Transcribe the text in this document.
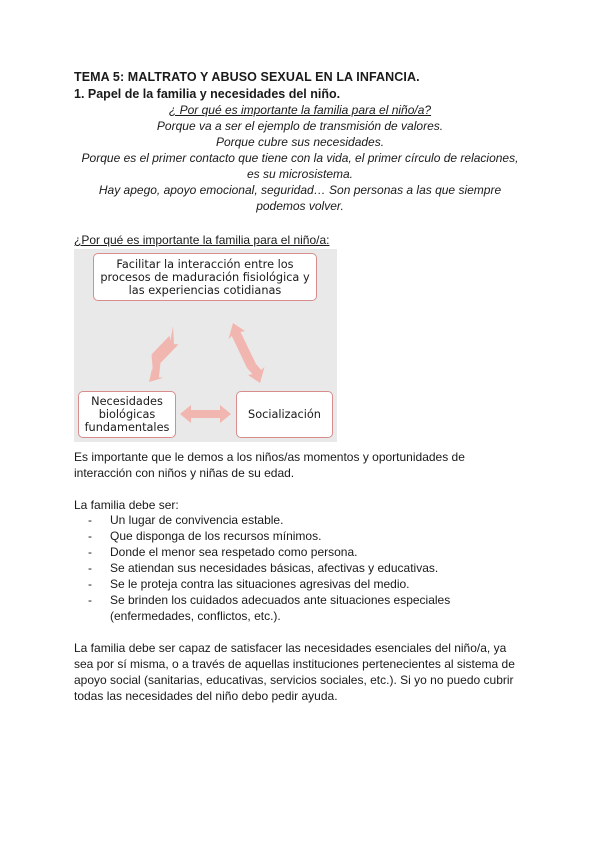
TEMA 5: MALTRATO Y ABUSO SEXUAL EN LA INFANCIA.
1. Papel de la familia y necesidades del niño.
¿ Por qué es importante la familia para el niño/a?
Porque va a ser el ejemplo de transmisión de valores.
Porque cubre sus necesidades.
Porque es el primer contacto que tiene con la vida, el primer círculo de relaciones,
es su microsistema.
Hay apego, apoyo emocional, seguridad… Son personas a las que siempre
podemos volver.
¿Por qué es importante la familia para el niño/a:
Facilitar la interacción entre los procesos de maduración fisiológica y las experiencias cotidianas
Necesidades biológicas fundamentales
Socialización
Es importante que le demos a los niños/as momentos y oportunidades de
interacción con niños y niñas de su edad.
La familia debe ser:
- Un lugar de convivencia estable.
- Que disponga de los recursos mínimos.
- Donde el menor sea respetado como persona.
- Se atiendan sus necesidades básicas, afectivas y educativas.
- Se le proteja contra las situaciones agresivas del medio.
- Se brinden los cuidados adecuados ante situaciones especiales
(enfermedades, conflictos, etc.).
La familia debe ser capaz de satisfacer las necesidades esenciales del niño/a, ya
sea por sí misma, o a través de aquellas instituciones pertenecientes al sistema de
apoyo social (sanitarias, educativas, servicios sociales, etc.). Si yo no puedo cubrir
todas las necesidades del niño debo pedir ayuda.
